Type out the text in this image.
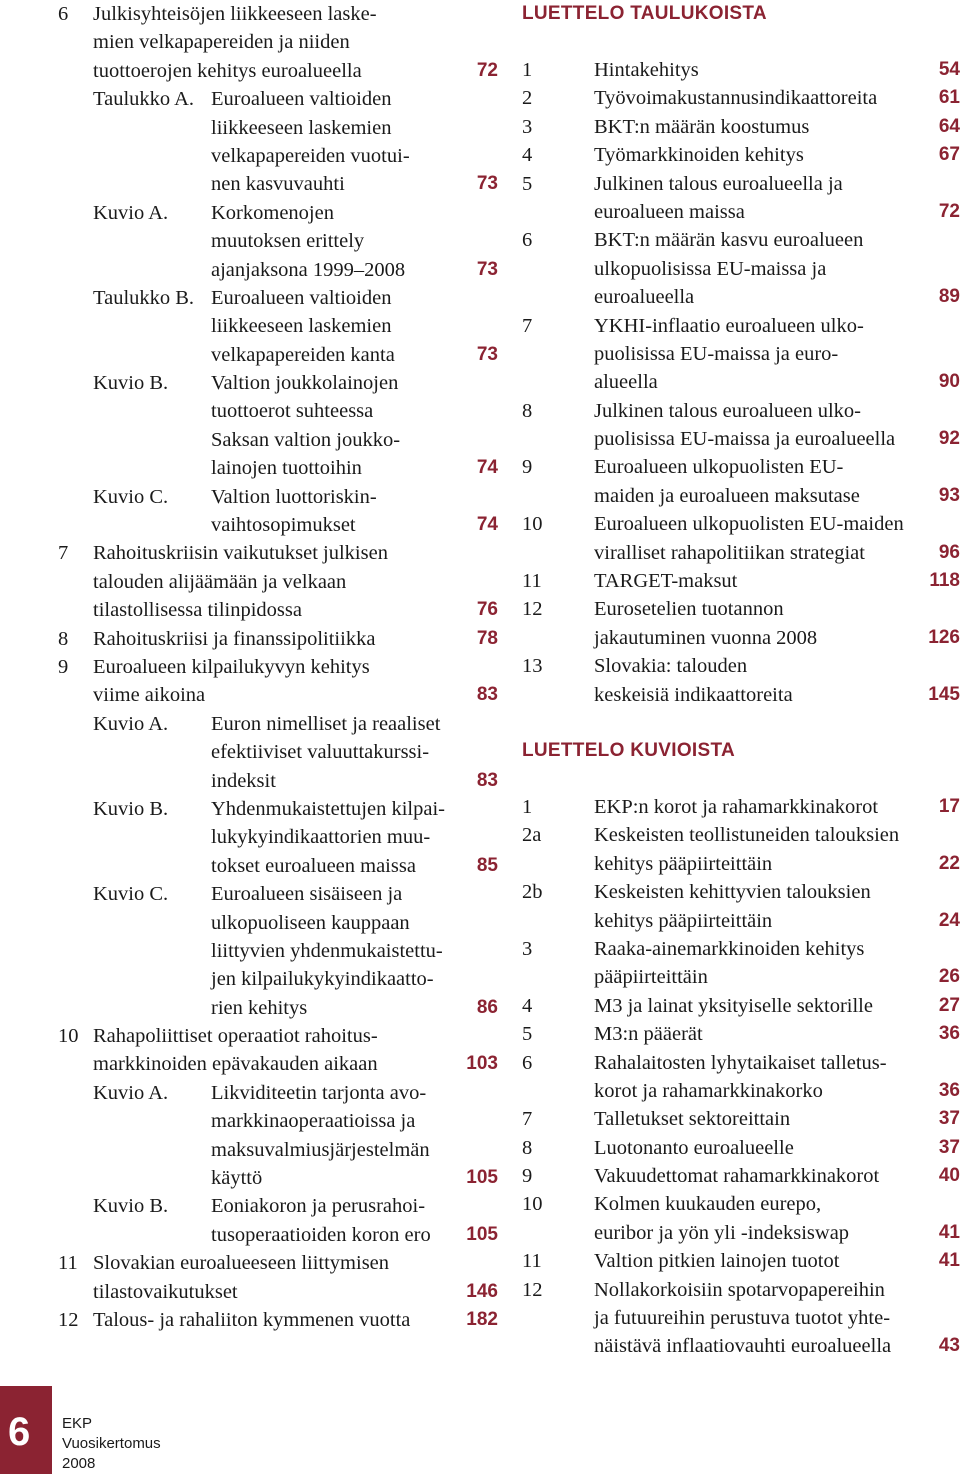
6	Julkisyhteisöjen liikkeeseen laske-
mien velkapapereiden ja niiden
tuottoerojen kehitys euroalueella	72
Taulukko A. Euroalueen valtioiden
liikkeeseen laskemien
velkapapereiden vuotui-
nen kasvuvauhti	73
Kuvio A.	Korkomenojen
muutoksen erittely
ajanjaksona 1999–2008	73
Taulukko B. Euroalueen valtioiden
liikkeeseen laskemien
velkapapereiden kanta	73
Kuvio B.	Valtion joukkolainojen
tuottoerot suhteessa
Saksan valtion joukko-
lainojen tuottoihin	74
Kuvio C.	Valtion luottoriskin-
vaihtosopimukset	74
7	Rahoituskriisin vaikutukset julkisen
talouden alijäämään ja velkaan
tilastollisessa tilinpidossa	76
8	Rahoituskriisi ja finanssipolitiikka	78
9	Euroalueen kilpailukyvyn kehitys
viime aikoina	83
Kuvio A.	Euron nimelliset ja reaaliset
efektiiviset valuuttakurssi-
indeksit	83
Kuvio B.	Yhdenmukaistettujen kilpai-
lukykyindikaattorien muu-
tokset euroalueen maissa	85
Kuvio C.	Euroalueen sisäiseen ja
ulkopuoliseen kauppaan
liittyvien yhdenmukaistettu-
jen kilpailukykyindikaatto-
rien kehitys	86
10 Rahapoliittiset operaatiot rahoitus-
markkinoiden epävakauden aikaan	103
Kuvio A.	Likviditeetin tarjonta avo-
markkinaoperaatioissa ja
maksuvalmiusjärjestelmän
käyttö	105
Kuvio B.	Eoniakoron ja perusrahoi-
tusoperaatioiden koron ero	105
11 Slovakian euroalueeseen liittymisen
tilastovaikutukset	146
12 Talous- ja rahaliiton kymmenen vuotta	182
LUETTELO TAULUKOISTA
1	Hintakehitys	54
2	Työvoimakustannusindikaattoreita	61
3	BKT:n määrän koostumus	64
4	Työmarkkinoiden kehitys	67
5	Julkinen talous euroalueella ja
euroalueen maissa	72
6	BKT:n määrän kasvu euroalueen
ulkopuolisissa EU-maissa ja
euroalueella	89
7	YKHI-inflaatio euroalueen ulko-
puolisissa EU-maissa ja euro-
alueella	90
8	Julkinen talous euroalueen ulko-
puolisissa EU-maissa ja euroalueella	92
9	Euroalueen ulkopuolisten EU-
maiden ja euroalueen maksutase	93
10	Euroalueen ulkopuolisten EU-maiden
viralliset rahapolitiikan strategiat	96
11	TARGET-maksut	118
12	Eurosetelien tuotannon
jakautuminen vuonna 2008	126
13	Slovakia: talouden
keskeisiä indikaattoreita	145
LUETTELO KUVIOISTA
1	EKP:n korot ja rahamarkkinakorot	17
2a	Keskeisten teollistuneiden talouksien
kehitys pääpiirteittäin	22
2b	Keskeisten kehittyvien talouksien
kehitys pääpiirteittäin	24
3	Raaka-ainemarkkinoiden kehitys
pääpiirteittäin	26
4	M3 ja lainat yksityiselle sektorille	27
5	M3:n pääerät	36
6	Rahalaitosten lyhytaikaiset talletus-
korot ja rahamarkkinakorko	36
7	Talletukset sektoreittain	37
8	Luotonanto euroalueelle	37
9	Vakuudettomat rahamarkkinakorot	40
10	Kolmen kuukauden eurepo,
euribor ja yön yli -indeksiswap	41
11	Valtion pitkien lainojen tuotot	41
12	Nollakorkoisiin spotarvopapereihin
ja futuureihin perustuva tuotot yhte-
näistävä inflaatiovauhti euroalueella	43
6 EKP
Vuosikertomus
2008
